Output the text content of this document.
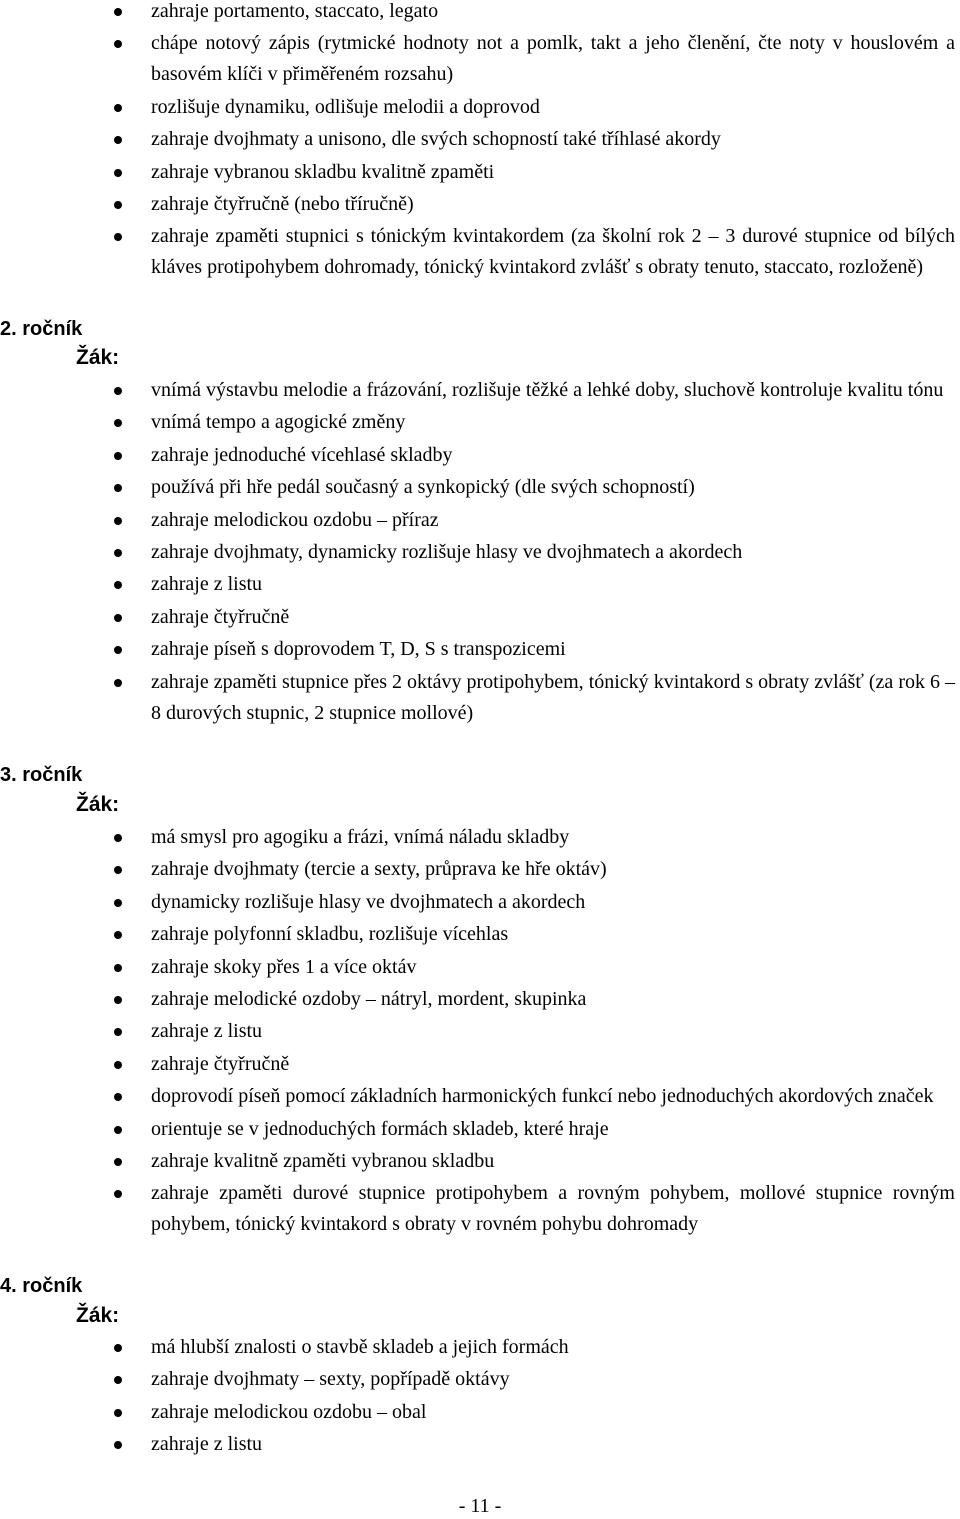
zahraje portamento, staccato, legato
chápe notový zápis (rytmické hodnoty not a pomlk, takt a jeho členění, čte noty v houslovém a basovém klíči v přiměřeném rozsahu)
rozlišuje dynamiku, odlišuje melodii a doprovod
zahraje dvojhmaty a unisono, dle svých schopností také tříhlasé akordy
zahraje vybranou skladbu kvalitně zpaměti
zahraje čtyřručně (nebo tříručně)
zahraje zpaměti stupnici s tónickým kvintakordem (za školní rok 2 – 3 durové stupnice od bílých kláves protipohybem dohromady, tónický kvintakord zvlášť s obraty tenuto, staccato, rozloženě)
2. ročník
Žák:
vnímá výstavbu melodie a frázování, rozlišuje těžké a lehké doby, sluchově kontroluje kvalitu tónu
vnímá tempo a agogické změny
zahraje jednoduché vícehlasé skladby
používá při hře pedál současný a synkopický (dle svých schopností)
zahraje melodickou ozdobu – příraz
zahraje dvojhmaty, dynamicky rozlišuje hlasy ve dvojhmatech a akordech
zahraje z listu
zahraje čtyřručně
zahraje píseň s doprovodem T, D, S s transpozicemi
zahraje zpaměti stupnice přes 2 oktávy protipohybem, tónický kvintakord s obraty zvlášť (za rok 6 – 8 durových stupnic, 2 stupnice mollové)
3. ročník
Žák:
má smysl pro agogiku a frázi, vnímá náladu skladby
zahraje dvojhmaty (tercie a sexty, průprava ke hře oktáv)
dynamicky rozlišuje hlasy ve dvojhmatech a akordech
zahraje polyfonní skladbu, rozlišuje vícehlas
zahraje skoky přes 1 a více oktáv
zahraje melodické ozdoby – nátryl, mordent, skupinka
zahraje z listu
zahraje čtyřručně
doprovodí píseň pomocí základních harmonických funkcí nebo jednoduchých akordových značek
orientuje se v jednoduchých formách skladeb, které hraje
zahraje kvalitně zpaměti vybranou skladbu
zahraje zpaměti durové stupnice protipohybem a rovným pohybem, mollové stupnice rovným pohybem, tónický kvintakord s obraty v rovném pohybu dohromady
4. ročník
Žák:
má hlubší znalosti o stavbě skladeb a jejich formách
zahraje dvojhmaty – sexty, popřípadě oktávy
zahraje melodickou ozdobu – obal
zahraje z listu
- 11 -
